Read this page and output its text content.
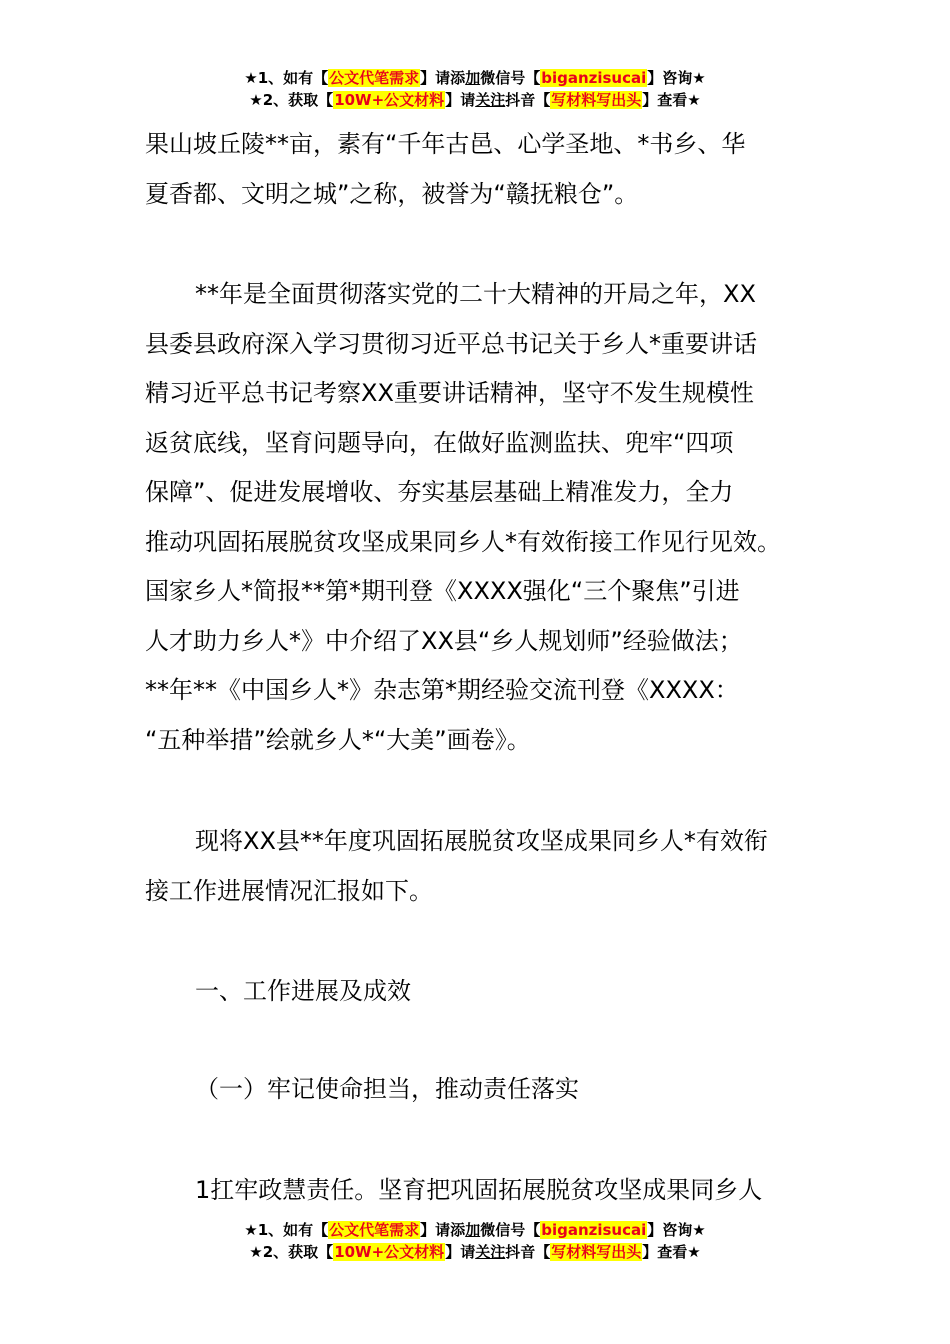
★1、如有【公文代笔需求】请添加微信号【biganzisucai】咨询★
★2、获取【10W+公文材料】请关注抖音【写材料写出头】查看★
果山坡丘陵**亩，素有“千年古邑、心学圣地、*书乡、华
夏香都、文明之城”之称，被誉为“赣抚粮仓”。
**年是全面贯彻落实党的二十大精神的开局之年，XX
县委县政府深入学习贯彻习近平总书记关于乡人*重要讲话
精习近平总书记考察XX重要讲话精神，坚守不发生规模性
返贫底线，坚育问题导向，在做好监测监扶、兜牢“四项
保障”、促进发展增收、夯实基层基础上精准发力，全力
推动巩固拓展脱贫攻坚成果同乡人*有效衔接工作见行见效。
国家乡人*简报**第*期刊登《XXXX强化“三个聚焦”引进
人才助力乡人*》中介绍了XX县“乡人规划师”经验做法；
**年**《中国乡人*》杂志第*期经验交流刊登《XXXX：
“五种举措”绘就乡人*“大美”画卷》。
现将XX县**年度巩固拓展脱贫攻坚成果同乡人*有效衔
接工作进展情况汇报如下。
一、工作进展及成效
（一）牢记使命担当，推动责任落实
1扛牢政慧责任。坚育把巩固拓展脱贫攻坚成果同乡人
★1、如有【公文代笔需求】请添加微信号【biganzisucai】咨询★
★2、获取【10W+公文材料】请关注抖音【写材料写出头】查看★
